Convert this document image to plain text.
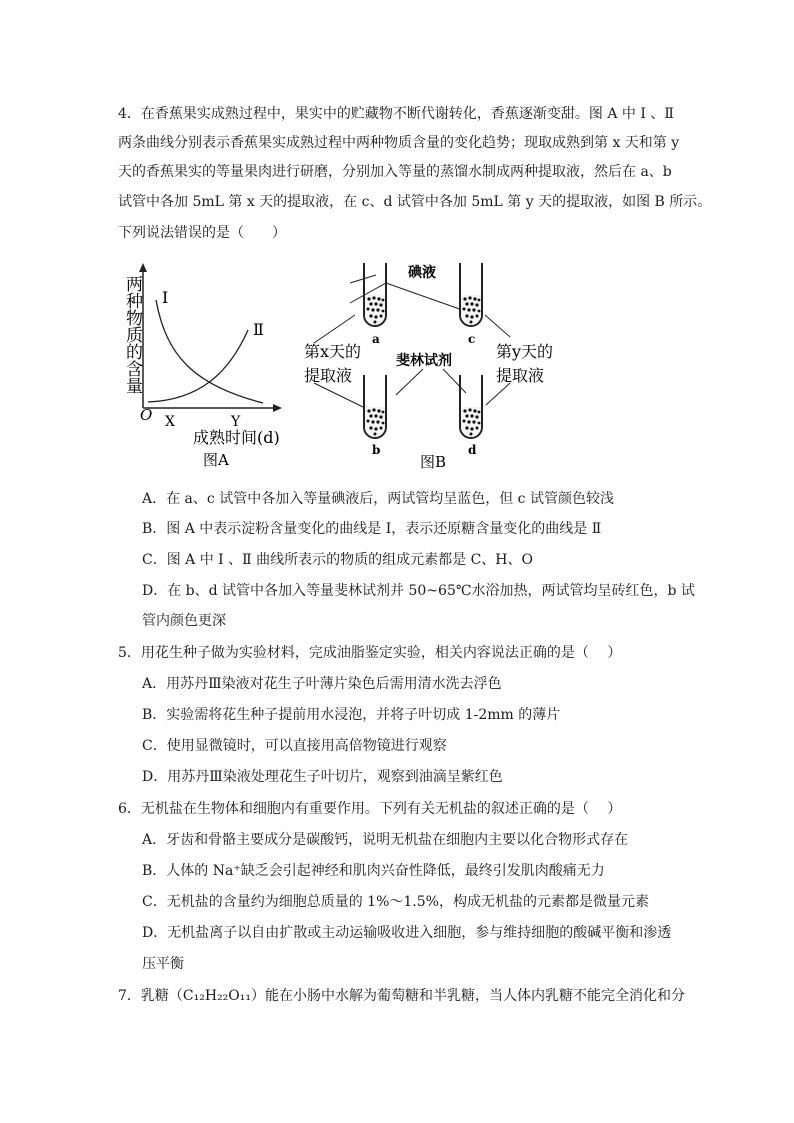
4．在香蕉果实成熟过程中，果实中的贮藏物不断代谢转化，香蕉逐渐变甜。图 A 中 Ⅰ 、Ⅱ
两条曲线分别表示香蕉果实成熟过程中两种物质含量的变化趋势；现取成熟到第 x 天和第 y
天的香蕉果实的等量果肉进行研磨，分别加入等量的蒸馏水制成两种提取液，然后在 a、b
试管中各加 5mL 第 x 天的提取液，在 c、d 试管中各加 5mL 第 y 天的提取液，如图 B 所示。
下列说法错误的是（　　）
两种物质的含量 Ⅰ
Ⅱ
O X	Y
成熟时间(d)
图A
碘液
斐林试剂
第x天的
提取液
第y天的
提取液
a	c
b	d
图B
A．在 a、c 试管中各加入等量碘液后，两试管均呈蓝色，但 c 试管颜色较浅
B．图 A 中表示淀粉含量变化的曲线是 Ⅰ，表示还原糖含量变化的曲线是 Ⅱ
C．图 A 中 Ⅰ 、Ⅱ 曲线所表示的物质的组成元素都是 C、H、O
D．在 b、d 试管中各加入等量斐林试剂并 50~65℃水浴加热，两试管均呈砖红色，b 试
管内颜色更深
5．用花生种子做为实验材料，完成油脂鉴定实验，相关内容说法正确的是（　 ）
A．用苏丹Ⅲ染液对花生子叶薄片染色后需用清水洗去浮色
B．实验需将花生种子提前用水浸泡，并将子叶切成 1-2mm 的薄片
C．使用显微镜时，可以直接用高倍物镜进行观察
D．用苏丹Ⅲ染液处理花生子叶切片，观察到油滴呈紫红色
6．无机盐在生物体和细胞内有重要作用。下列有关无机盐的叙述正确的是（　 ）
A．牙齿和骨骼主要成分是碳酸钙，说明无机盐在细胞内主要以化合物形式存在
B．人体的 Na⁺缺乏会引起神经和肌肉兴奋性降低，最终引发肌肉酸痛无力
C．无机盐的含量约为细胞总质量的 1%～1.5%，构成无机盐的元素都是微量元素
D．无机盐离子以自由扩散或主动运输吸收进入细胞，参与维持细胞的酸碱平衡和渗透
压平衡
7．乳糖（C₁₂H₂₂O₁₁）能在小肠中水解为葡萄糖和半乳糖，当人体内乳糖不能完全消化和分
